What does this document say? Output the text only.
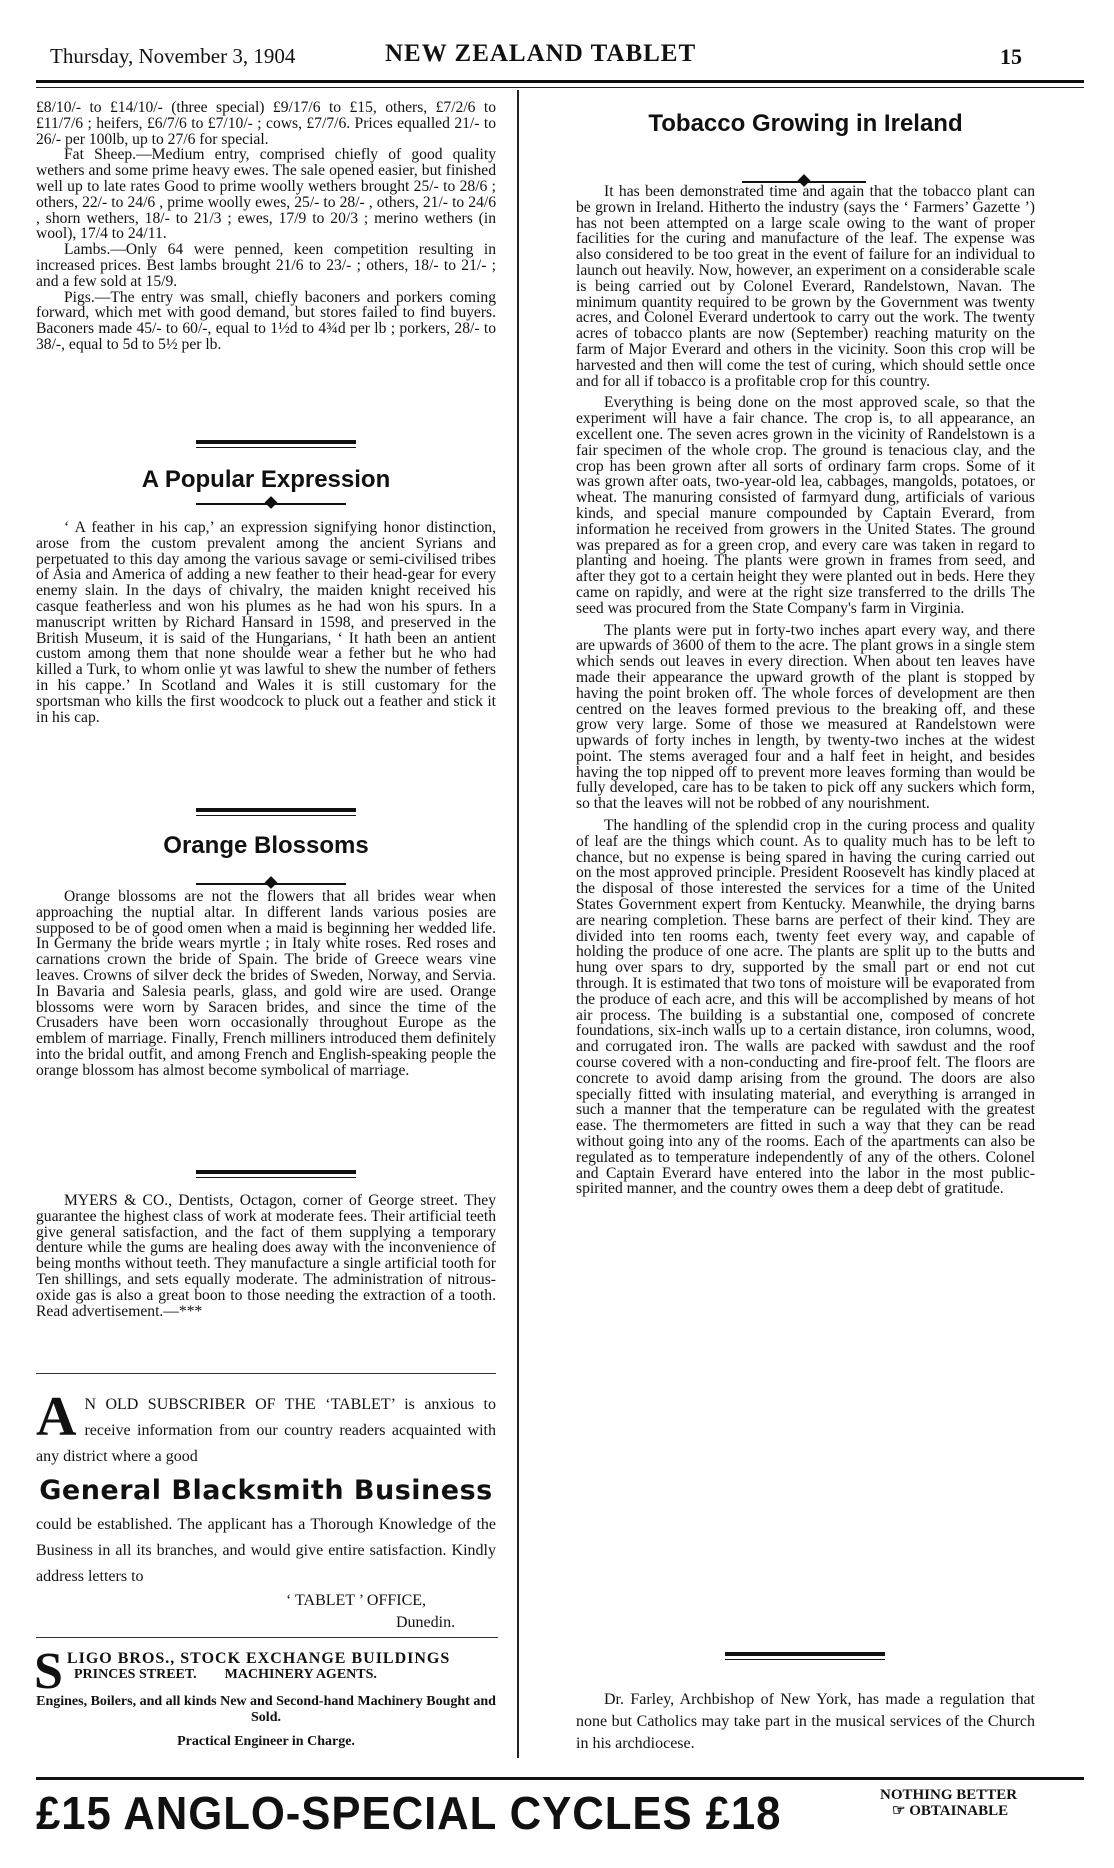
Thursday, November 3, 1904	NEW ZEALAND TABLET	15

£8/10/- to £14/10/- (three special) £9/17/6 to £15, others, £7/2/6 to £11/7/6 ; heifers, £6/7/6 to £7/10/- ; cows, £7/7/6. Prices equalled 21/- to 26/- per 100lb, up to 27/6 for special.

Fat Sheep.—Medium entry, comprised chiefly of good quality wethers and some prime heavy ewes. The sale opened easier, but finished well up to late rates Good to prime woolly wethers brought 25/- to 28/6 ; others, 22/- to 24/6 , prime woolly ewes, 25/- to 28/- , others, 21/- to 24/6 , shorn wethers, 18/- to 21/3 ; ewes, 17/9 to 20/3 ; merino wethers (in wool), 17/4 to 24/11.

Lambs.—Only 64 were penned, keen competition resulting in increased prices. Best lambs brought 21/6 to 23/- ; others, 18/- to 21/- ; and a few sold at 15/9.

Pigs.—The entry was small, chiefly baconers and porkers coming forward, which met with good demand, but stores failed to find buyers. Baconers made 45/- to 60/-, equal to 1½d to 4¾d per lb ; porkers, 28/- to 38/-, equal to 5d to 5½ per lb.

A Popular Expression

‘ A feather in his cap,’ an expression signifying honor distinction, arose from the custom prevalent among the ancient Syrians and perpetuated to this day among the various savage or semi-civilised tribes of Asia and America of adding a new feather to their head-gear for every enemy slain. In the days of chivalry, the maiden knight received his casque featherless and won his plumes as he had won his spurs. In a manuscript written by Richard Hansard in 1598, and preserved in the British Museum, it is said of the Hungarians, ‘ It hath been an antient custom among them that none shoulde wear a fether but he who had killed a Turk, to whom onlie yt was lawful to shew the number of fethers in his cappe.’ In Scotland and Wales it is still customary for the sportsman who kills the first woodcock to pluck out a feather and stick it in his cap.

Orange Blossoms

Orange blossoms are not the flowers that all brides wear when approaching the nuptial altar. In different lands various posies are supposed to be of good omen when a maid is beginning her wedded life. In Germany the bride wears myrtle ; in Italy white roses. Red roses and carnations crown the bride of Spain. The bride of Greece wears vine leaves. Crowns of silver deck the brides of Sweden, Norway, and Servia. In Bavaria and Salesia pearls, glass, and gold wire are used. Orange blossoms were worn by Saracen brides, and since the time of the Crusaders have been worn occasionally throughout Europe as the emblem of marriage. Finally, French milliners introduced them definitely into the bridal outfit, and among French and English-speaking people the orange blossom has almost become symbolical of marriage.

MYERS & CO., Dentists, Octagon, corner of George street. They guarantee the highest class of work at moderate fees. Their artificial teeth give general satisfaction, and the fact of them supplying a temporary denture while the gums are healing does away with the inconvenience of being months without teeth. They manufacture a single artificial tooth for Ten shillings, and sets equally moderate. The administration of nitrous-oxide gas is also a great boon to those needing the extraction of a tooth. Read advertisement.—***

A N OLD SUBSCRIBER OF THE ‘TABLET’ is anxious to receive information from our country readers acquainted with any district where a good
General Blacksmith Business
could be established. The applicant has a Thorough Knowledge of the Business in all its branches, and would give entire satisfaction. Kindly address letters to
‘ TABLET ’ OFFICE,
Dunedin.
S LIGO BROS., STOCK EXCHANGE BUILDINGS
PRINCES STREET.        MACHINERY AGENTS.
Engines, Boilers, and all kinds New and Second-hand Machinery Bought and Sold.
Practical Engineer in Charge.
Tobacco Growing in Ireland

It has been demonstrated time and again that the tobacco plant can be grown in Ireland. Hitherto the industry (says the ‘ Farmers’ Gazette ’) has not been attempted on a large scale owing to the want of proper facilities for the curing and manufacture of the leaf. The expense was also considered to be too great in the event of failure for an individual to launch out heavily. Now, however, an experiment on a considerable scale is being carried out by Colonel Everard, Randelstown, Navan. The minimum quantity required to be grown by the Government was twenty acres, and Colonel Everard undertook to carry out the work. The twenty acres of tobacco plants are now (September) reaching maturity on the farm of Major Everard and others in the vicinity. Soon this crop will be harvested and then will come the test of curing, which should settle once and for all if tobacco is a profitable crop for this country.

Everything is being done on the most approved scale, so that the experiment will have a fair chance. The crop is, to all appearance, an excellent one. The seven acres grown in the vicinity of Randelstown is a fair specimen of the whole crop. The ground is tenacious clay, and the crop has been grown after all sorts of ordinary farm crops. Some of it was grown after oats, two-year-old lea, cabbages, mangolds, potatoes, or wheat. The manuring consisted of farmyard dung, artificials of various kinds, and special manure compounded by Captain Everard, from information he received from growers in the United States. The ground was prepared as for a green crop, and every care was taken in regard to planting and hoeing. The plants were grown in frames from seed, and after they got to a certain height they were planted out in beds. Here they came on rapidly, and were at the right size transferred to the drills The seed was procured from the State Company's farm in Virginia.

The plants were put in forty-two inches apart every way, and there are upwards of 3600 of them to the acre. The plant grows in a single stem which sends out leaves in every direction. When about ten leaves have made their appearance the upward growth of the plant is stopped by having the point broken off. The whole forces of development are then centred on the leaves formed previous to the breaking off, and these grow very large. Some of those we measured at Randelstown were upwards of forty inches in length, by twenty-two inches at the widest point. The stems averaged four and a half feet in height, and besides having the top nipped off to prevent more leaves forming than would be fully developed, care has to be taken to pick off any suckers which form, so that the leaves will not be robbed of any nourishment.

The handling of the splendid crop in the curing process and quality of leaf are the things which count. As to quality much has to be left to chance, but no expense is being spared in having the curing carried out on the most approved principle. President Roosevelt has kindly placed at the disposal of those interested the services for a time of the United States Government expert from Kentucky. Meanwhile, the drying barns are nearing completion. These barns are perfect of their kind. They are divided into ten rooms each, twenty feet every way, and capable of holding the produce of one acre. The plants are split up to the butts and hung over spars to dry, supported by the small part or end not cut through. It is estimated that two tons of moisture will be evaporated from the produce of each acre, and this will be accomplished by means of hot air process. The building is a substantial one, composed of concrete foundations, six-inch walls up to a certain distance, iron columns, wood, and corrugated iron. The walls are packed with sawdust and the roof course covered with a non-conducting and fire-proof felt. The floors are concrete to avoid damp arising from the ground. The doors are also specially fitted with insulating material, and everything is arranged in such a manner that the temperature can be regulated with the greatest ease. The thermometers are fitted in such a way that they can be read without going into any of the rooms. Each of the apartments can also be regulated as to temperature independently of any of the others. Colonel and Captain Everard have entered into the labor in the most public-spirited manner, and the country owes them a deep debt of gratitude.

Dr. Farley, Archbishop of New York, has made a regulation that none but Catholics may take part in the musical services of the Church in his archdiocese.
£15 ANGLO-SPECIAL CYCLES £18	NOTHING BETTER
☞ OBTAINABLE
